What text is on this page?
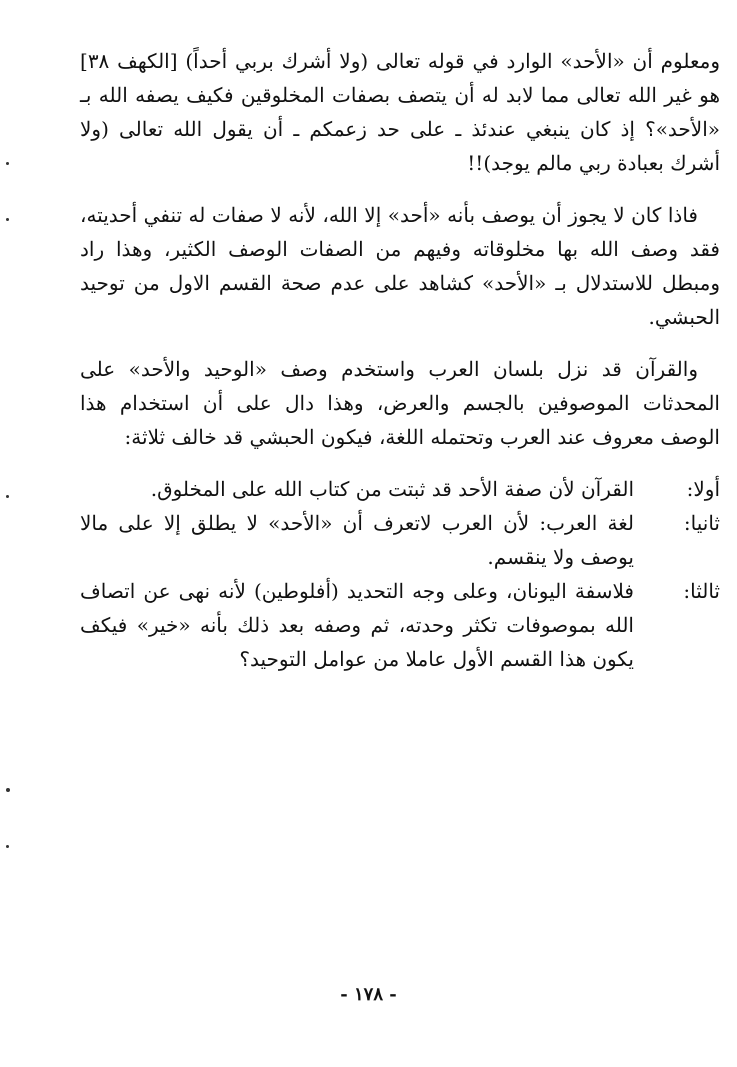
ومعلوم أن «الأحد» الوارد في قوله تعالى (ولا أشرك بربي أحداً) [الكهف ٣٨] هو غير الله تعالى مما لابد له أن يتصف بصفات المخلوقين فكيف يصفه الله بـ «الأحد»؟ إذ كان ينبغي عندئذ ـ على حد زعمكم ـ أن يقول الله تعالى (ولا أشرك بعبادة ربي مالم يوجد)!!

فاذا كان لا يجوز أن يوصف بأنه «أحد» إلا الله، لأنه لا صفات له تنفي أحديته، فقد وصف الله بها مخلوقاته وفيهم من الصفات الوصف الكثير، وهذا راد ومبطل للاستدلال بـ «الأحد» كشاهد على عدم صحة القسم الاول من توحيد الحبشي.

والقرآن قد نزل بلسان العرب واستخدم وصف «الوحيد والأحد» على المحدثات الموصوفين بالجسم والعرض، وهذا دال على أن استخدام هذا الوصف معروف عند العرب وتحتمله اللغة، فيكون الحبشي قد خالف ثلاثة:

أولا:
القرآن لأن صفة الأحد قد ثبتت من كتاب الله على المخلوق.
ثانيا:
لغة العرب: لأن العرب لاتعرف أن «الأحد» لا يطلق إلا على مالا يوصف ولا ينقسم.
ثالثا:
فلاسفة اليونان، وعلى وجه التحديد (أفلوطين) لأنه نهى عن اتصاف الله بموصوفات تكثر وحدته، ثم وصفه بعد ذلك بأنه «خير» فيكف يكون هذا القسم الأول عاملا من عوامل التوحيد؟
- ١٧٨ -
